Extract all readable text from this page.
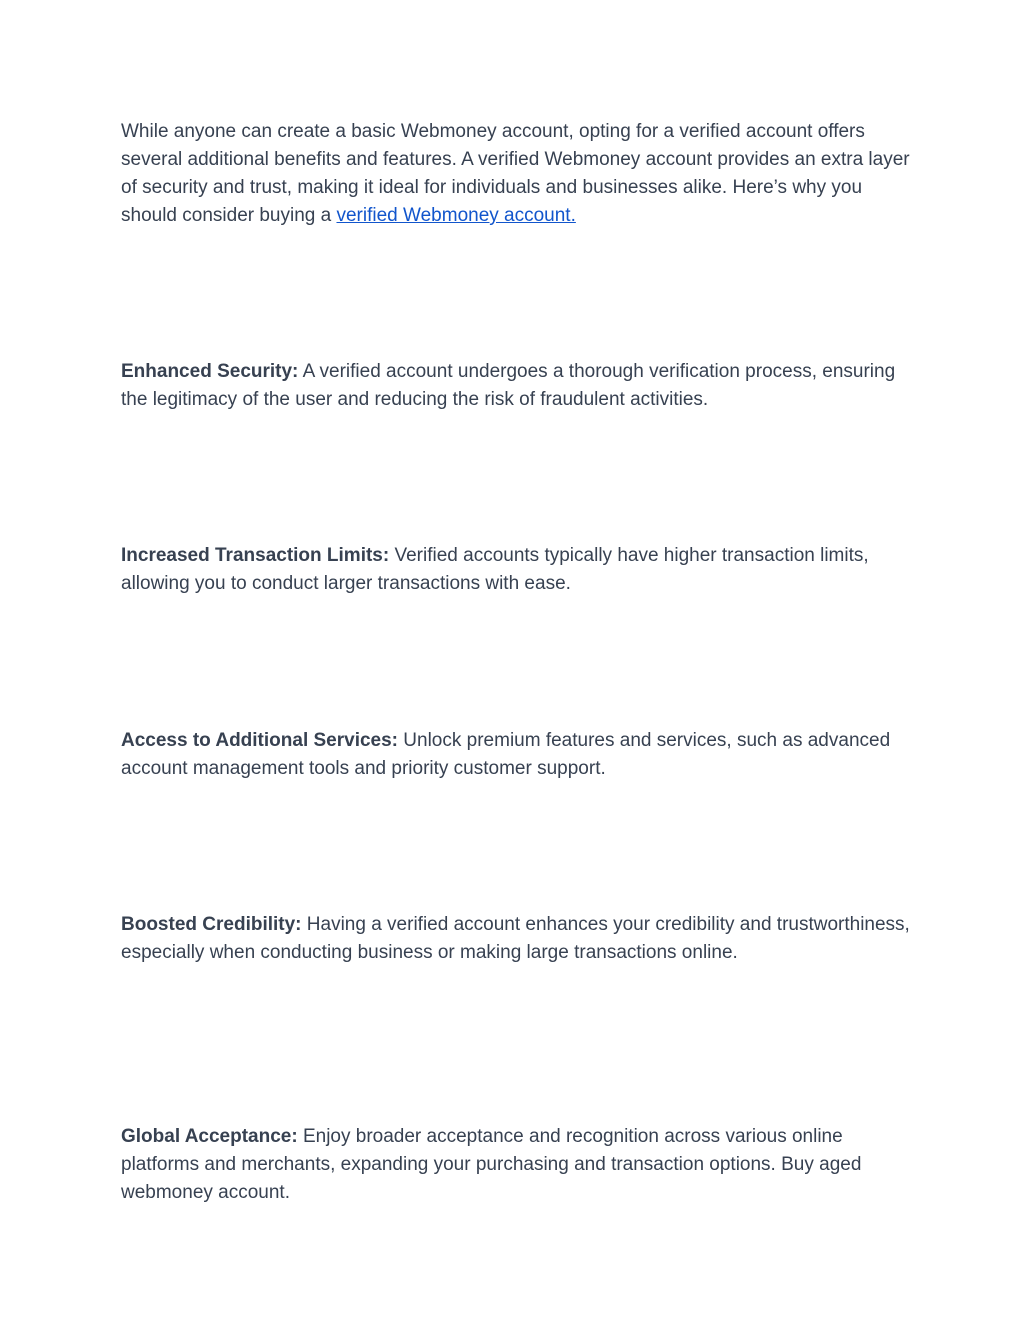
While anyone can create a basic Webmoney account, opting for a verified account offers several additional benefits and features. A verified Webmoney account provides an extra layer of security and trust, making it ideal for individuals and businesses alike. Here’s why you should consider buying a verified Webmoney account.

Enhanced Security: A verified account undergoes a thorough verification process, ensuring the legitimacy of the user and reducing the risk of fraudulent activities.

Increased Transaction Limits: Verified accounts typically have higher transaction limits, allowing you to conduct larger transactions with ease.

Access to Additional Services: Unlock premium features and services, such as advanced account management tools and priority customer support.

Boosted Credibility: Having a verified account enhances your credibility and trustworthiness, especially when conducting business or making large transactions online.

Global Acceptance: Enjoy broader acceptance and recognition across various online platforms and merchants, expanding your purchasing and transaction options. Buy aged webmoney account.
